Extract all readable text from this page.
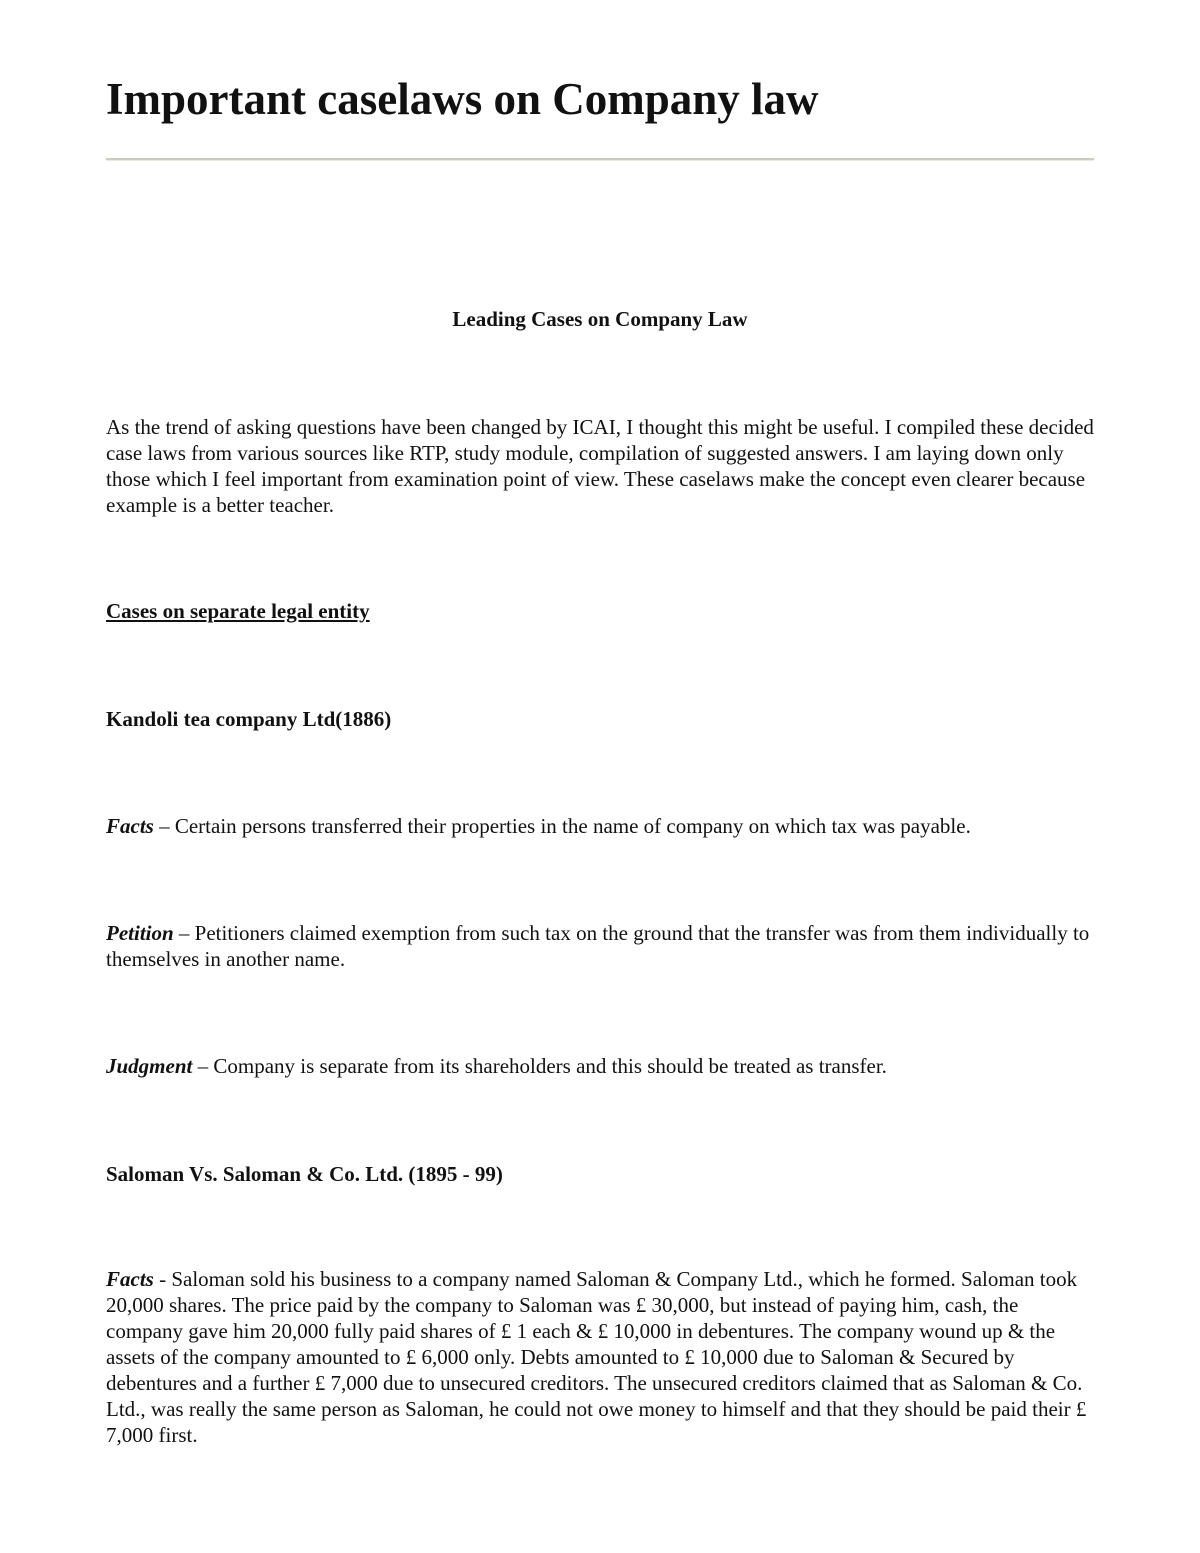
Important caselaws on Company law
Leading Cases on Company Law

As the trend of asking questions have been changed by ICAI, I thought this might be useful. I compiled these decided case laws from various sources like RTP, study module, compilation of suggested answers. I am laying down only those which I feel important from examination point of view. These caselaws make the concept even clearer because example is a better teacher.

Cases on separate legal entity
Kandoli tea company Ltd(1886)

Facts – Certain persons transferred their properties in the name of company on which tax was payable.

Petition – Petitioners claimed exemption from such tax on the ground that the transfer was from them individually to themselves in another name.

Judgment – Company is separate from its shareholders and this should be treated as transfer.

Saloman Vs. Saloman & Co. Ltd. (1895 - 99)

Facts - Saloman sold his business to a company named Saloman & Company Ltd., which he formed. Saloman took 20,000 shares. The price paid by the company to Saloman was £ 30,000, but instead of paying him, cash, the company gave him 20,000 fully paid shares of £ 1 each & £ 10,000 in debentures. The company wound up & the assets of the company amounted to £ 6,000 only. Debts amounted to £ 10,000 due to Saloman & Secured by debentures and a further £ 7,000 due to unsecured creditors. The unsecured creditors claimed that as Saloman & Co. Ltd., was really the same person as Saloman, he could not owe money to himself and that they should be paid their £ 7,000 first.
